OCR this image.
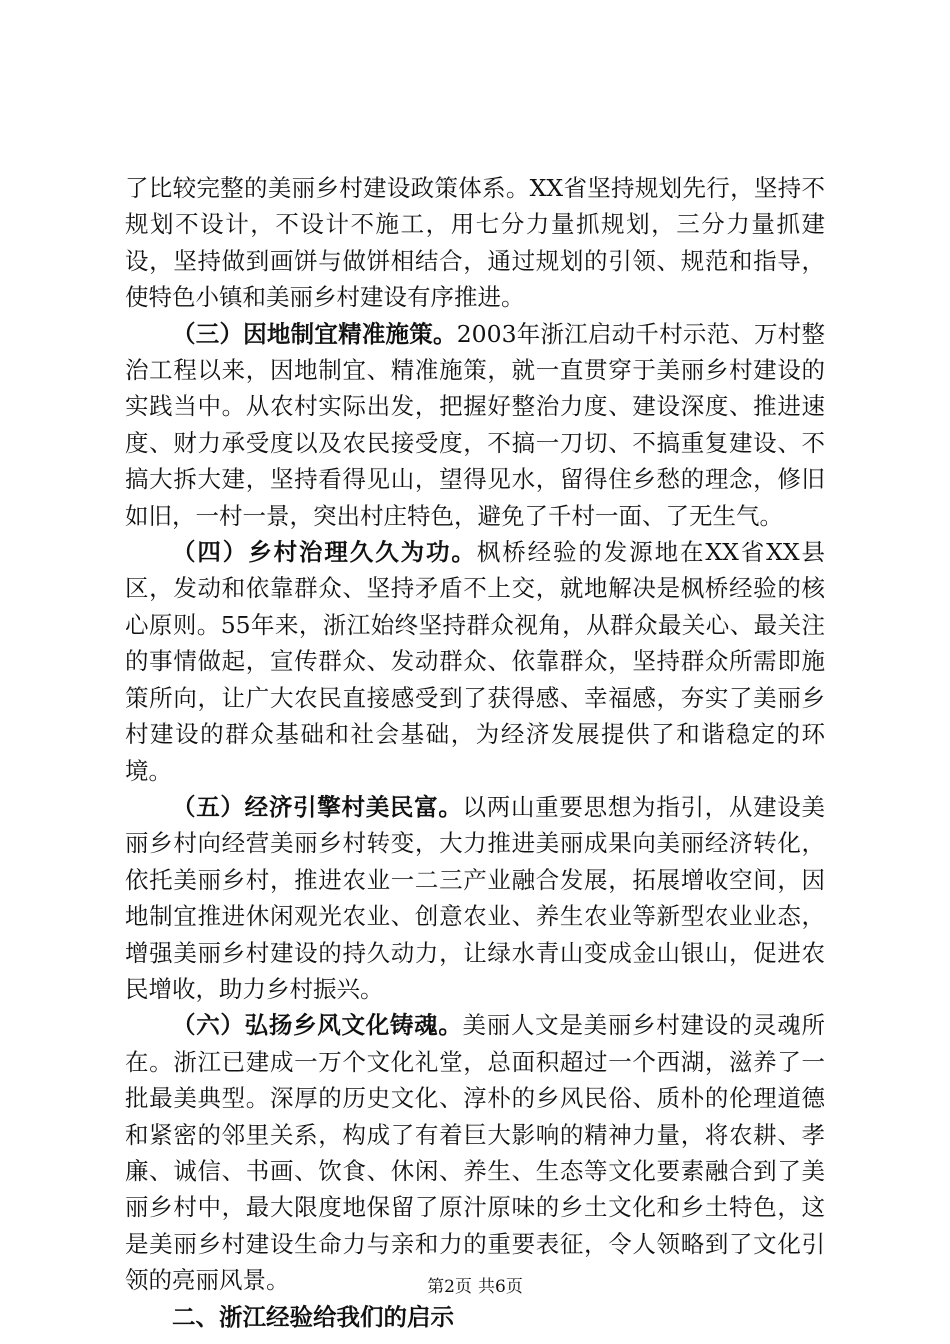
了比较完整的美丽乡村建设政策体系。XX省坚持规划先行，坚持不规划不设计，不设计不施工，用七分力量抓规划，三分力量抓建设，坚持做到画饼与做饼相结合，通过规划的引领、规范和指导，使特色小镇和美丽乡村建设有序推进。

（三）因地制宜精准施策。2003年浙江启动千村示范、万村整治工程以来，因地制宜、精准施策，就一直贯穿于美丽乡村建设的实践当中。从农村实际出发，把握好整治力度、建设深度、推进速度、财力承受度以及农民接受度，不搞一刀切、不搞重复建设、不搞大拆大建，坚持看得见山，望得见水，留得住乡愁的理念，修旧如旧，一村一景，突出村庄特色，避免了千村一面、了无生气。

（四）乡村治理久久为功。枫桥经验的发源地在XX省XX县区，发动和依靠群众、坚持矛盾不上交，就地解决是枫桥经验的核心原则。55年来，浙江始终坚持群众视角，从群众最关心、最关注的事情做起，宣传群众、发动群众、依靠群众，坚持群众所需即施策所向，让广大农民直接感受到了获得感、幸福感，夯实了美丽乡村建设的群众基础和社会基础，为经济发展提供了和谐稳定的环境。

（五）经济引擎村美民富。以两山重要思想为指引，从建设美丽乡村向经营美丽乡村转变，大力推进美丽成果向美丽经济转化，依托美丽乡村，推进农业一二三产业融合发展，拓展增收空间，因地制宜推进休闲观光农业、创意农业、养生农业等新型农业业态，增强美丽乡村建设的持久动力，让绿水青山变成金山银山，促进农民增收，助力乡村振兴。

（六）弘扬乡风文化铸魂。美丽人文是美丽乡村建设的灵魂所在。浙江已建成一万个文化礼堂，总面积超过一个西湖，滋养了一批最美典型。深厚的历史文化、淳朴的乡风民俗、质朴的伦理道德和紧密的邻里关系，构成了有着巨大影响的精神力量，将农耕、孝廉、诚信、书画、饮食、休闲、养生、生态等文化要素融合到了美丽乡村中，最大限度地保留了原汁原味的乡土文化和乡土特色，这是美丽乡村建设生命力与亲和力的重要表征，令人领略到了文化引领的亮丽风景。

二、浙江经验给我们的启示

第2页 共6页
